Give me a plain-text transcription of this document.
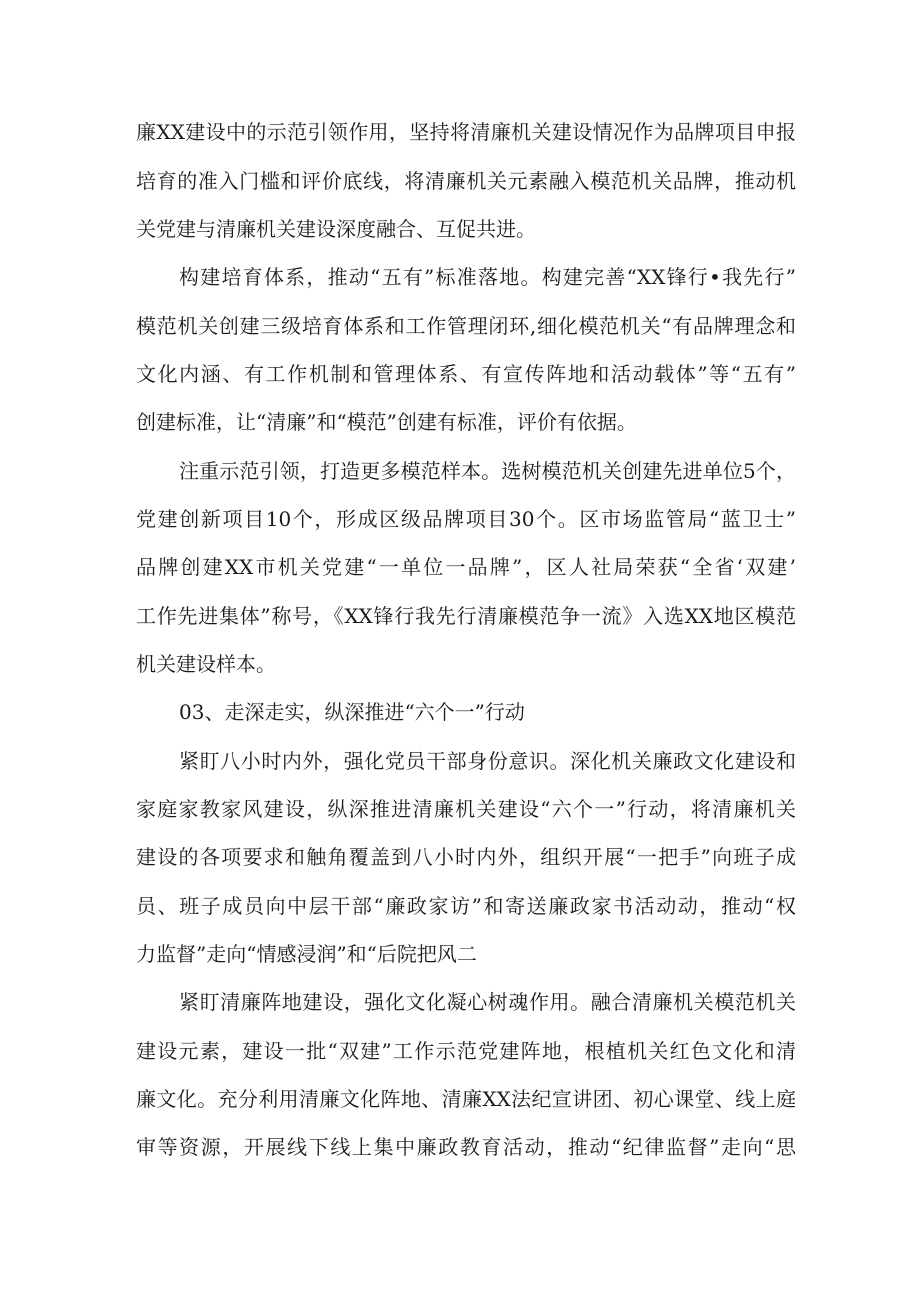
廉XX建设中的示范引领作用，坚持将清廉机关建设情况作为品牌项目申报
培育的准入门槛和评价底线，将清廉机关元素融入模范机关品牌，推动机
关党建与清廉机关建设深度融合、互促共进。
构建培育体系，推动“五有”标准落地。构建完善“XX锋行•我先行”
模范机关创建三级培育体系和工作管理闭环,细化模范机关“有品牌理念和
文化内涵、有工作机制和管理体系、有宣传阵地和活动载体”等“五有”
创建标准，让“清廉”和“模范”创建有标准，评价有依据。
注重示范引领，打造更多模范样本。选树模范机关创建先进单位5个，
党建创新项目10个，形成区级品牌项目30个。区市场监管局“蓝卫士”
品牌创建XX市机关党建“一单位一品牌”，区人社局荣获“全省‘双建’
工作先进集体”称号，《XX锋行我先行清廉模范争一流》入选XX地区模范
机关建设样本。
03、走深走实，纵深推进“六个一”行动
紧盯八小时内外，强化党员干部身份意识。深化机关廉政文化建设和
家庭家教家风建设，纵深推进清廉机关建设“六个一”行动，将清廉机关
建设的各项要求和触角覆盖到八小时内外，组织开展“一把手”向班子成
员、班子成员向中层干部“廉政家访”和寄送廉政家书活动动，推动“权
力监督”走向“情感浸润”和“后院把风二
紧盯清廉阵地建设，强化文化凝心树魂作用。融合清廉机关模范机关
建设元素，建设一批“双建”工作示范党建阵地，根植机关红色文化和清
廉文化。充分利用清廉文化阵地、清廉XX法纪宣讲团、初心课堂、线上庭
审等资源，开展线下线上集中廉政教育活动，推动“纪律监督”走向“思
